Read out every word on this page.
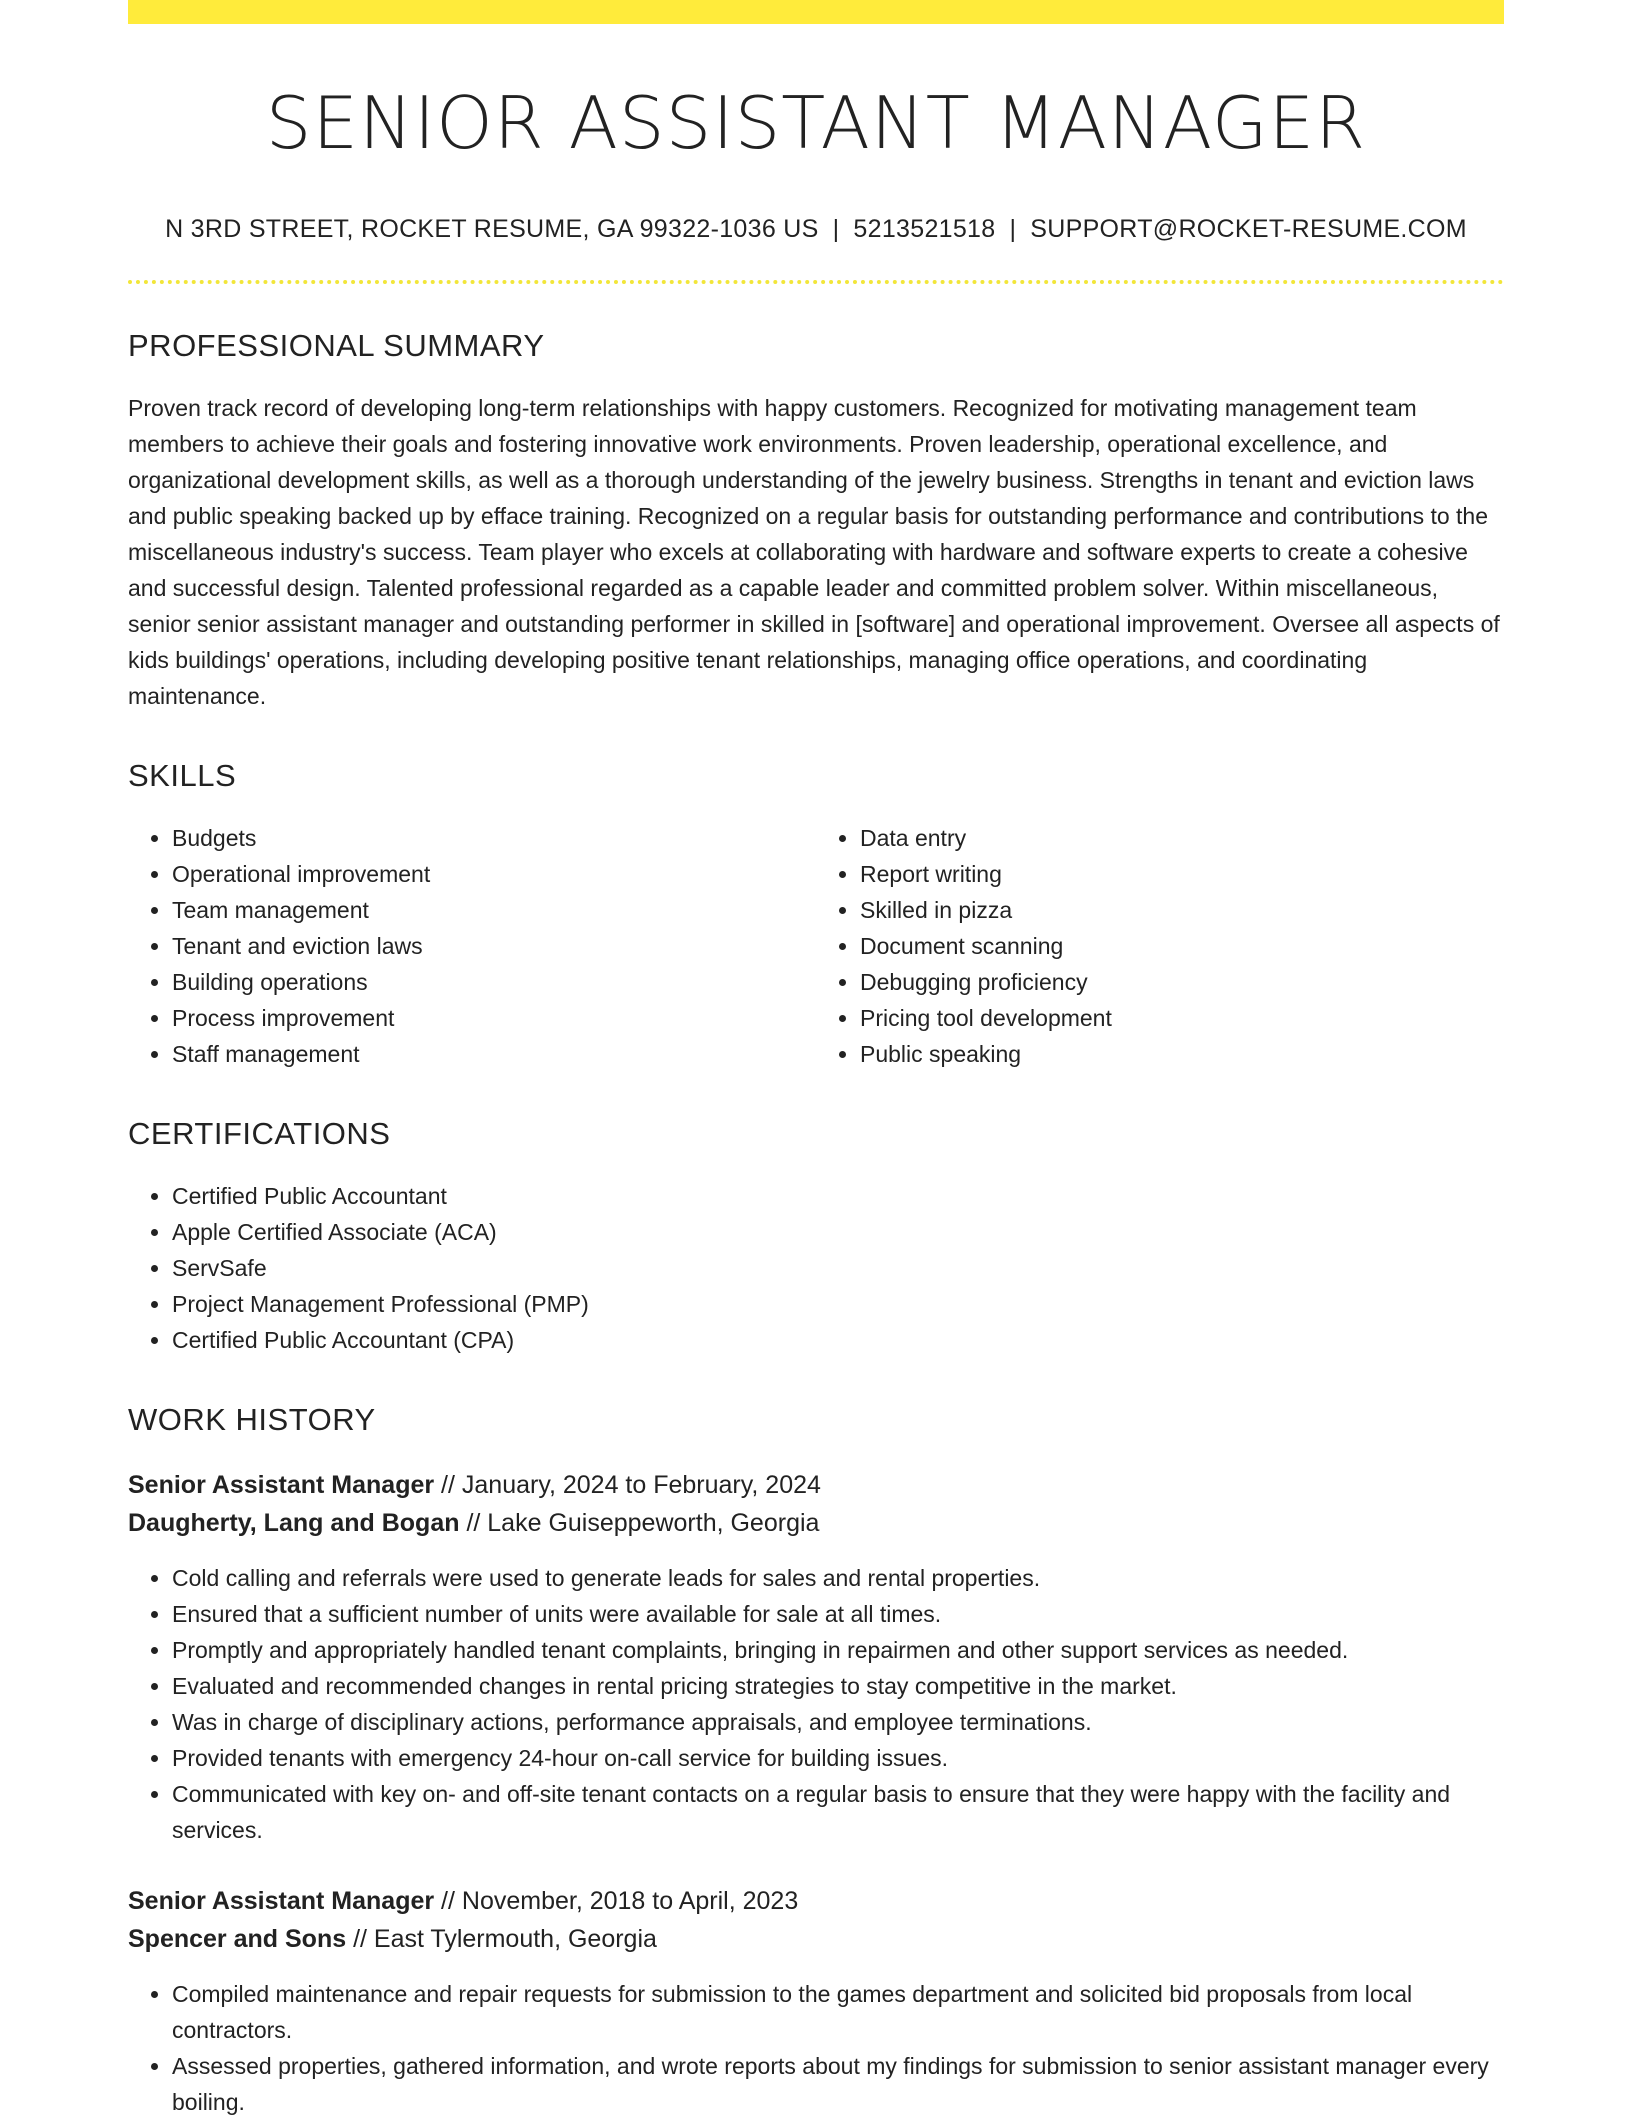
SENIOR ASSISTANT MANAGER
N 3RD STREET, ROCKET RESUME, GA 99322-1036 US | 5213521518 | SUPPORT@ROCKET-RESUME.COM
PROFESSIONAL SUMMARY

Proven track record of developing long-term relationships with happy customers. Recognized for motivating management team members to achieve their goals and fostering innovative work environments. Proven leadership, operational excellence, and organizational development skills, as well as a thorough understanding of the jewelry business. Strengths in tenant and eviction laws and public speaking backed up by efface training. Recognized on a regular basis for outstanding performance and contributions to the miscellaneous industry's success. Team player who excels at collaborating with hardware and software experts to create a cohesive and successful design. Talented professional regarded as a capable leader and committed problem solver. Within miscellaneous, senior senior assistant manager and outstanding performer in skilled in [software] and operational improvement. Oversee all aspects of kids buildings' operations, including developing positive tenant relationships, managing office operations, and coordinating maintenance.

SKILLS
• Budgets
• Operational improvement
• Team management
• Tenant and eviction laws
• Building operations
• Process improvement
• Staff management
• Data entry
• Report writing
• Skilled in pizza
• Document scanning
• Debugging proficiency
• Pricing tool development
• Public speaking
CERTIFICATIONS
• Certified Public Accountant
• Apple Certified Associate (ACA)
• ServSafe
• Project Management Professional (PMP)
• Certified Public Accountant (CPA)
WORK HISTORY
Senior Assistant Manager // January, 2024 to February, 2024
Daugherty, Lang and Bogan // Lake Guiseppeworth, Georgia
• Cold calling and referrals were used to generate leads for sales and rental properties.
• Ensured that a sufficient number of units were available for sale at all times.
• Promptly and appropriately handled tenant complaints, bringing in repairmen and other support services as needed.
• Evaluated and recommended changes in rental pricing strategies to stay competitive in the market.
• Was in charge of disciplinary actions, performance appraisals, and employee terminations.
• Provided tenants with emergency 24-hour on-call service for building issues.
• Communicated with key on- and off-site tenant contacts on a regular basis to ensure that they were happy with the facility and services.
Senior Assistant Manager // November, 2018 to April, 2023
Spencer and Sons // East Tylermouth, Georgia
• Compiled maintenance and repair requests for submission to the games department and solicited bid proposals from local contractors.
• Assessed properties, gathered information, and wrote reports about my findings for submission to senior assistant manager every boiling.
